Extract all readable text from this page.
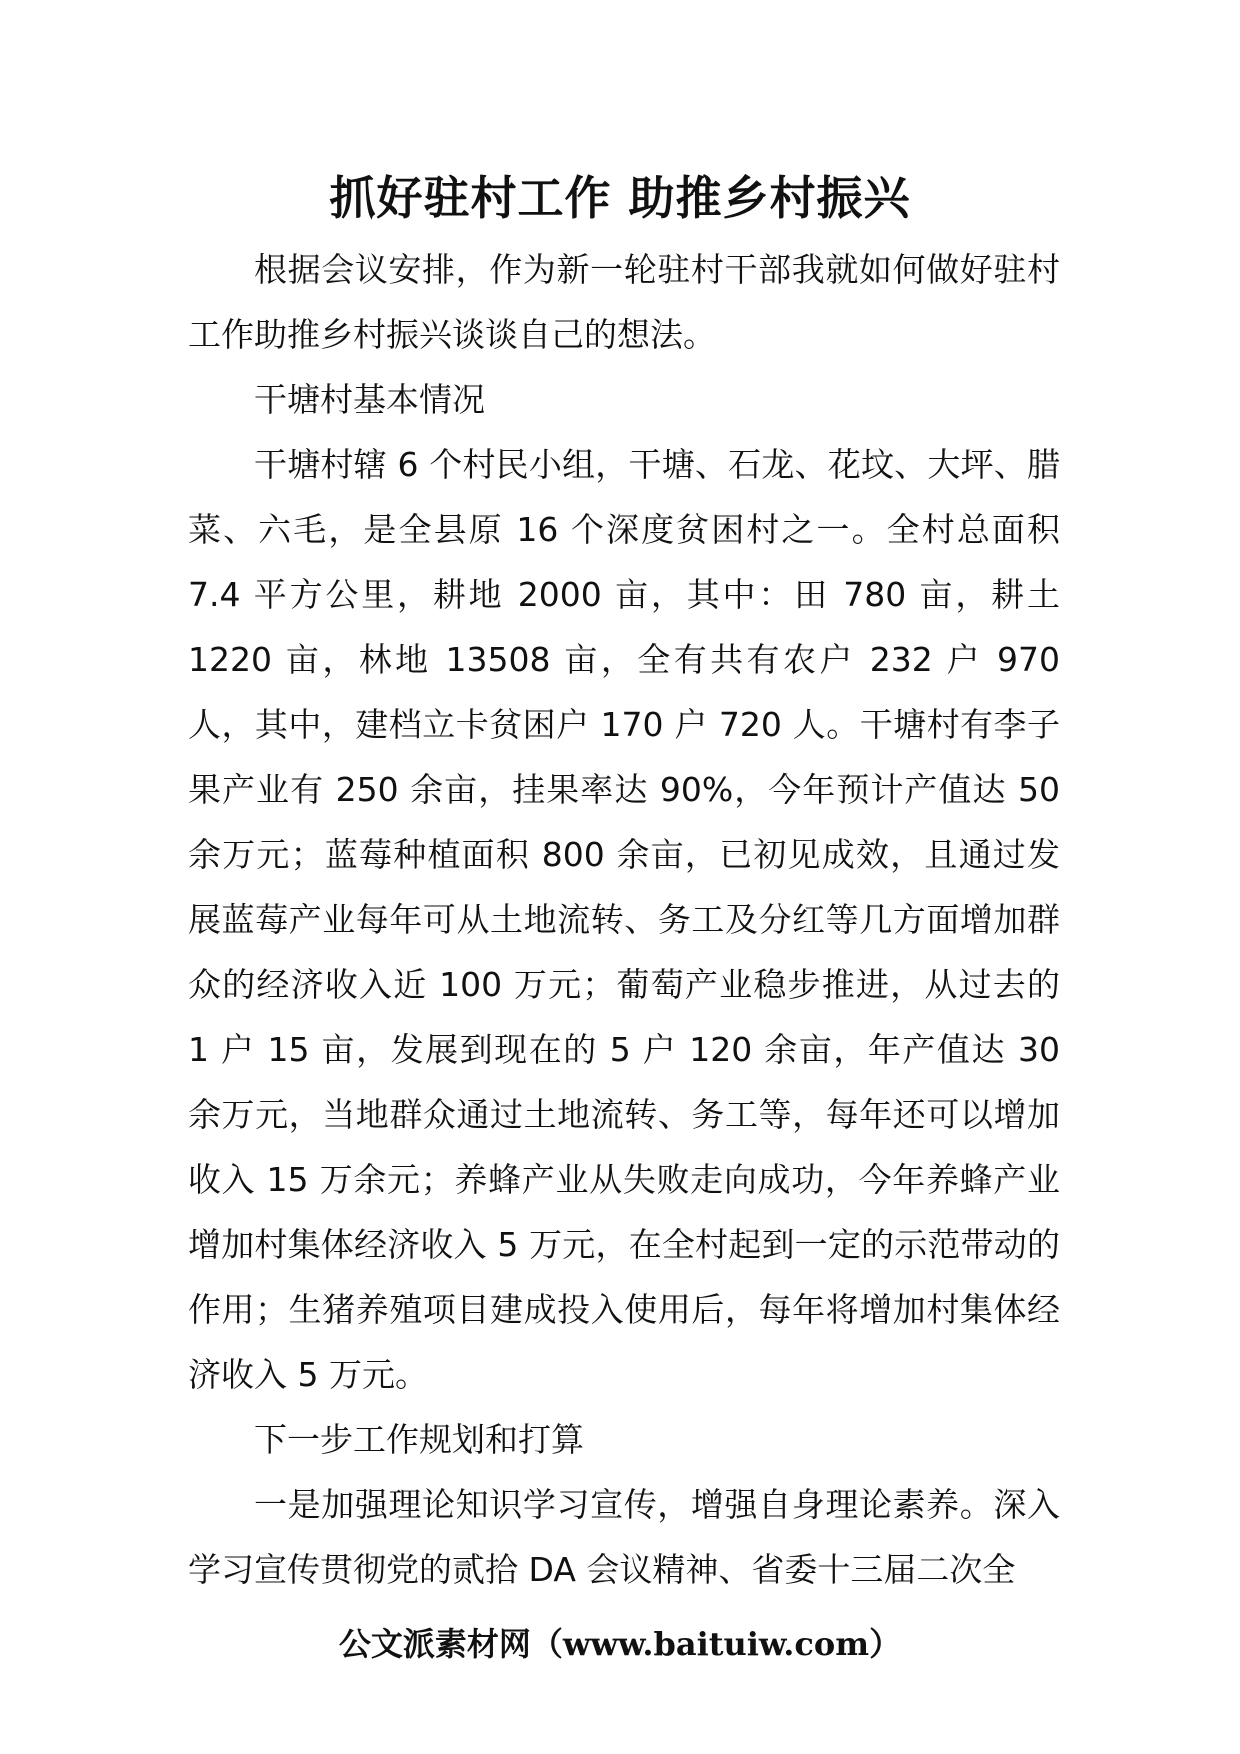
抓好驻村工作 助推乡村振兴

根据会议安排，作为新一轮驻村干部我就如何做好驻村工作助推乡村振兴谈谈自己的想法。

干塘村基本情况

干塘村辖 6 个村民小组，干塘、石龙、花坟、大坪、腊菜、六毛，是全县原 16 个深度贫困村之一。全村总面积 7.4 平方公里，耕地 2000 亩，其中：田 780 亩，耕土 1220 亩，林地 13508 亩，全有共有农户 232 户 970 人，其中，建档立卡贫困户 170 户 720 人。干塘村有李子果产业有 250 余亩，挂果率达 90%，今年预计产值达 50 余万元；蓝莓种植面积 800 余亩，已初见成效，且通过发展蓝莓产业每年可从土地流转、务工及分红等几方面增加群众的经济收入近 100 万元；葡萄产业稳步推进，从过去的 1 户 15 亩，发展到现在的 5 户 120 余亩，年产值达 30 余万元，当地群众通过土地流转、务工等，每年还可以增加收入 15 万余元；养蜂产业从失败走向成功，今年养蜂产业增加村集体经济收入 5 万元，在全村起到一定的示范带动的作用；生猪养殖项目建成投入使用后，每年将增加村集体经济收入 5 万元。

下一步工作规划和打算

一是加强理论知识学习宣传，增强自身理论素养。深入学习宣传贯彻党的贰拾 DA 会议精神、省委十三届二次全

公文派素材网（www.baituiw.com）
